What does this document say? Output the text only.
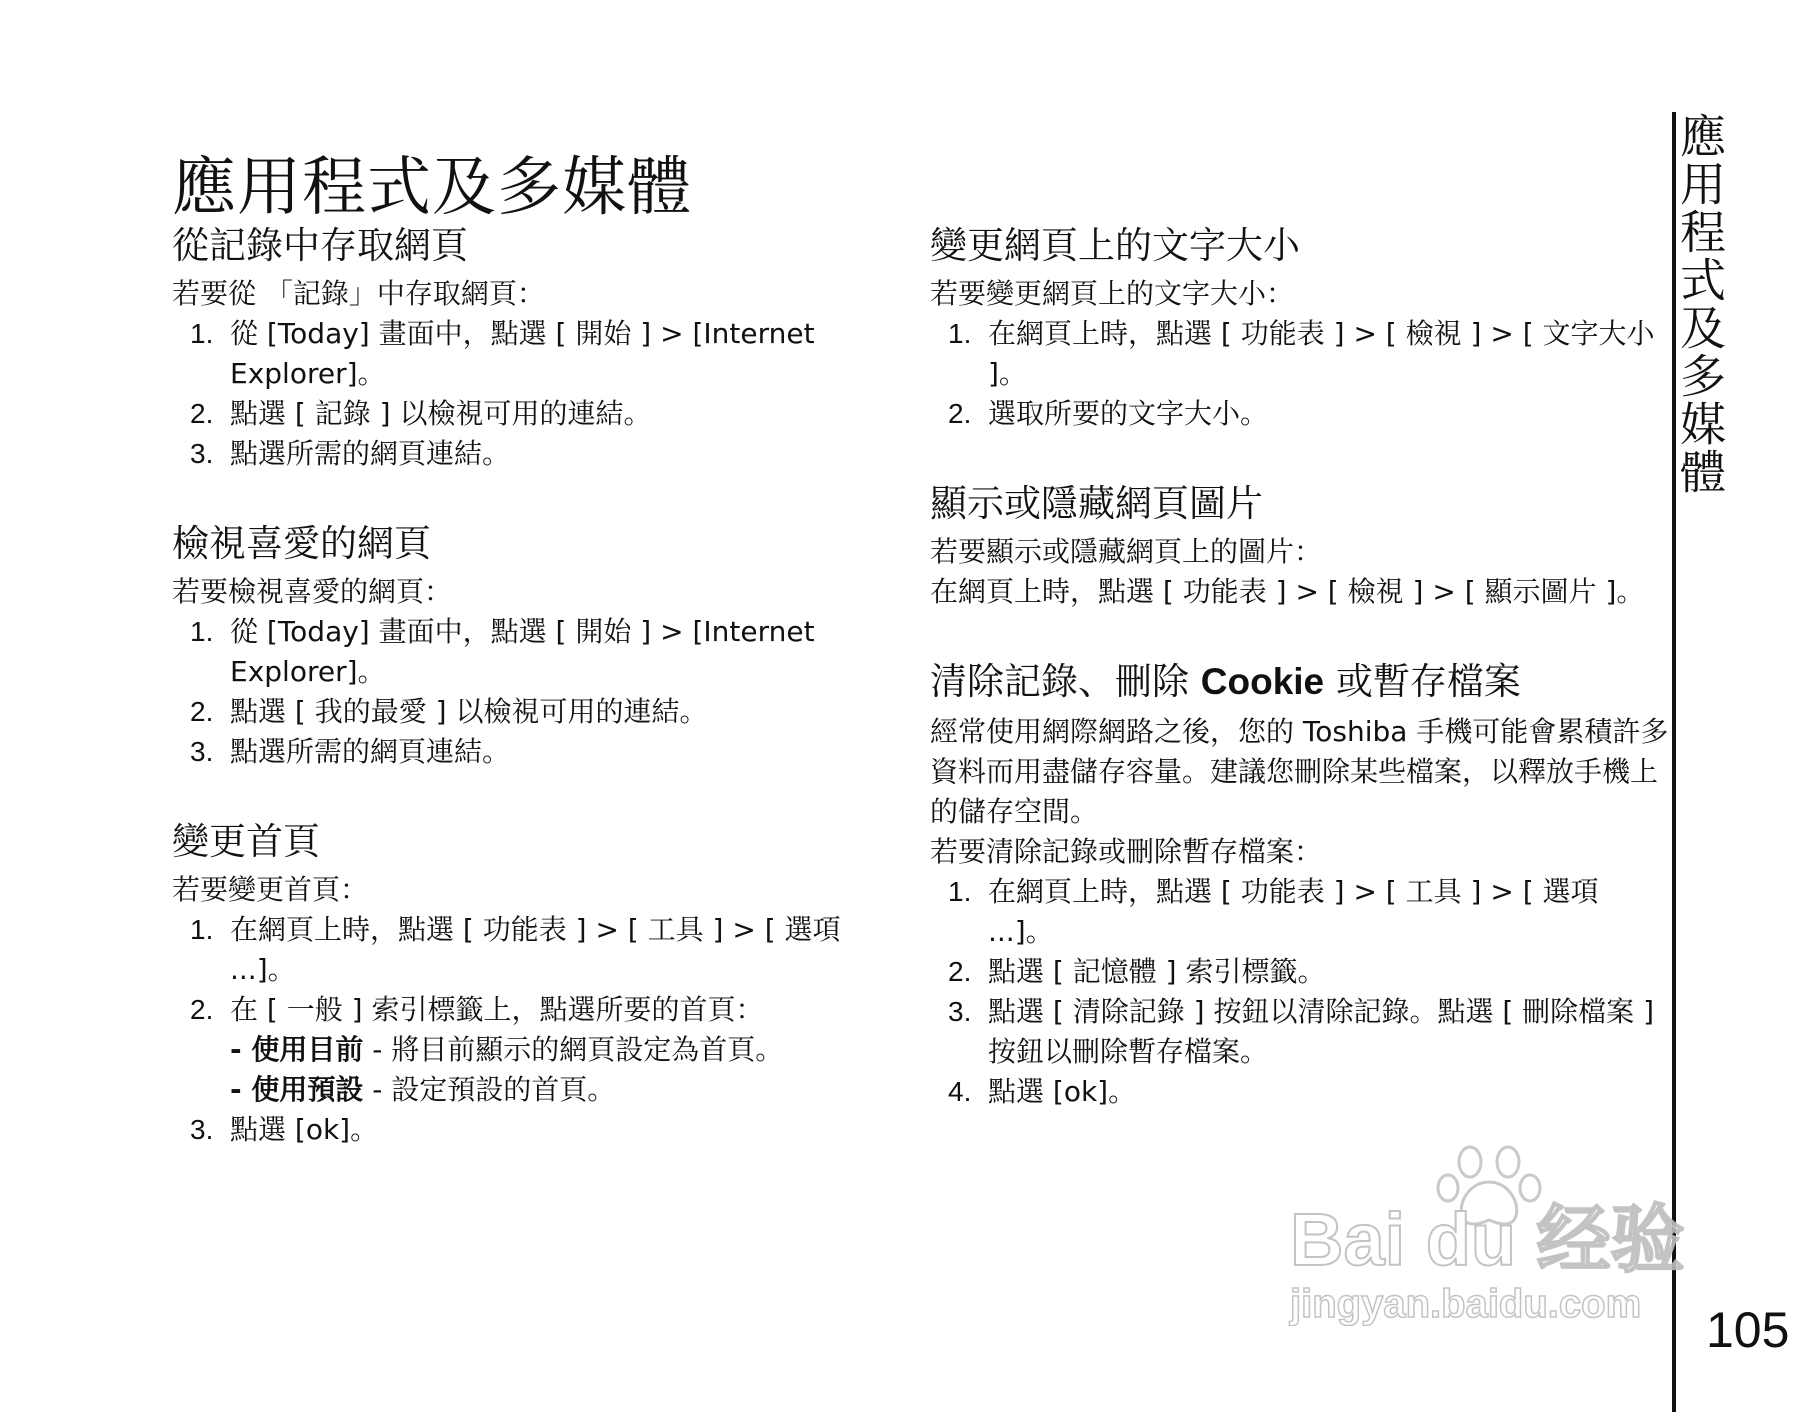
應用程式及多媒體
從記錄中存取網頁

若要從 「記錄」中存取網頁：

1. 從 [Today] 畫面中，點選 [ 開始 ] > [Internet Explorer]。
2. 點選 [ 記錄 ] 以檢視可用的連結。
3. 點選所需的網頁連結。
檢視喜愛的網頁

若要檢視喜愛的網頁：

1. 從 [Today] 畫面中，點選 [ 開始 ] > [Internet Explorer]。
2. 點選 [ 我的最愛 ] 以檢視可用的連結。
3. 點選所需的網頁連結。
變更首頁

若要變更首頁：

1. 在網頁上時，點選 [ 功能表 ] > [ 工具 ] > [ 選項 ...]。
2. 在 [ 一般 ] 索引標籤上，點選所要的首頁：
- 使用目前 - 將目前顯示的網頁設定為首頁。
- 使用預設 - 設定預設的首頁。
3. 點選 [ok]。
變更網頁上的文字大小

若要變更網頁上的文字大小：

1. 在網頁上時，點選 [ 功能表 ] > [ 檢視 ] > [ 文字大小 ]。
2. 選取所要的文字大小。
顯示或隱藏網頁圖片

若要顯示或隱藏網頁上的圖片：

在網頁上時，點選 [ 功能表 ] > [ 檢視 ] > [ 顯示圖片 ]。

清除記錄、刪除 Cookie 或暫存檔案

經常使用網際網路之後，您的 Toshiba 手機可能會累積許多資料而用盡儲存容量。建議您刪除某些檔案，以釋放手機上的儲存空間。

若要清除記錄或刪除暫存檔案：

1. 在網頁上時，點選 [ 功能表 ] > [ 工具 ] > [ 選項 ...]。
2. 點選 [ 記憶體 ] 索引標籤。
3. 點選 [ 清除記錄 ] 按鈕以清除記錄。點選 [ 刪除檔案 ] 按鈕以刪除暫存檔案。
4. 點選 [ok]。
應用程式及多媒體
105
Bai du 经验
jingyan.baidu.com
